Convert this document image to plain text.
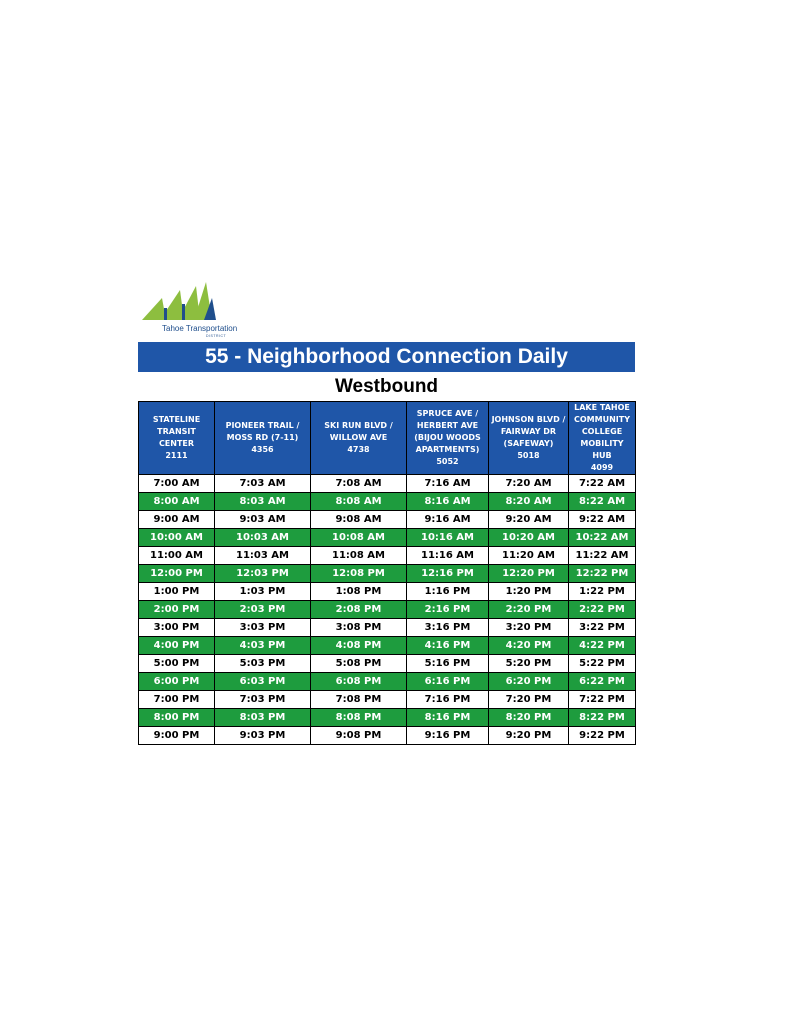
Tahoe Transportation
DISTRICT
55 - Neighborhood Connection Daily
Westbound
STATELINE
TRANSIT CENTER
2111	PIONEER TRAIL /
MOSS RD (7-11)
4356	SKI RUN BLVD /
WILLOW AVE
4738	SPRUCE AVE /
HERBERT AVE
(BIJOU WOODS
APARTMENTS)
5052	JOHNSON BLVD /
FAIRWAY DR
(SAFEWAY)
5018	LAKE TAHOE
COMMUNITY
COLLEGE
MOBILITY HUB
4099
7:00 AM	7:03 AM	7:08 AM	7:16 AM	7:20 AM	7:22 AM
8:00 AM	8:03 AM	8:08 AM	8:16 AM	8:20 AM	8:22 AM
9:00 AM	9:03 AM	9:08 AM	9:16 AM	9:20 AM	9:22 AM
10:00 AM	10:03 AM	10:08 AM	10:16 AM	10:20 AM	10:22 AM
11:00 AM	11:03 AM	11:08 AM	11:16 AM	11:20 AM	11:22 AM
12:00 PM	12:03 PM	12:08 PM	12:16 PM	12:20 PM	12:22 PM
1:00 PM	1:03 PM	1:08 PM	1:16 PM	1:20 PM	1:22 PM
2:00 PM	2:03 PM	2:08 PM	2:16 PM	2:20 PM	2:22 PM
3:00 PM	3:03 PM	3:08 PM	3:16 PM	3:20 PM	3:22 PM
4:00 PM	4:03 PM	4:08 PM	4:16 PM	4:20 PM	4:22 PM
5:00 PM	5:03 PM	5:08 PM	5:16 PM	5:20 PM	5:22 PM
6:00 PM	6:03 PM	6:08 PM	6:16 PM	6:20 PM	6:22 PM
7:00 PM	7:03 PM	7:08 PM	7:16 PM	7:20 PM	7:22 PM
8:00 PM	8:03 PM	8:08 PM	8:16 PM	8:20 PM	8:22 PM
9:00 PM	9:03 PM	9:08 PM	9:16 PM	9:20 PM	9:22 PM
